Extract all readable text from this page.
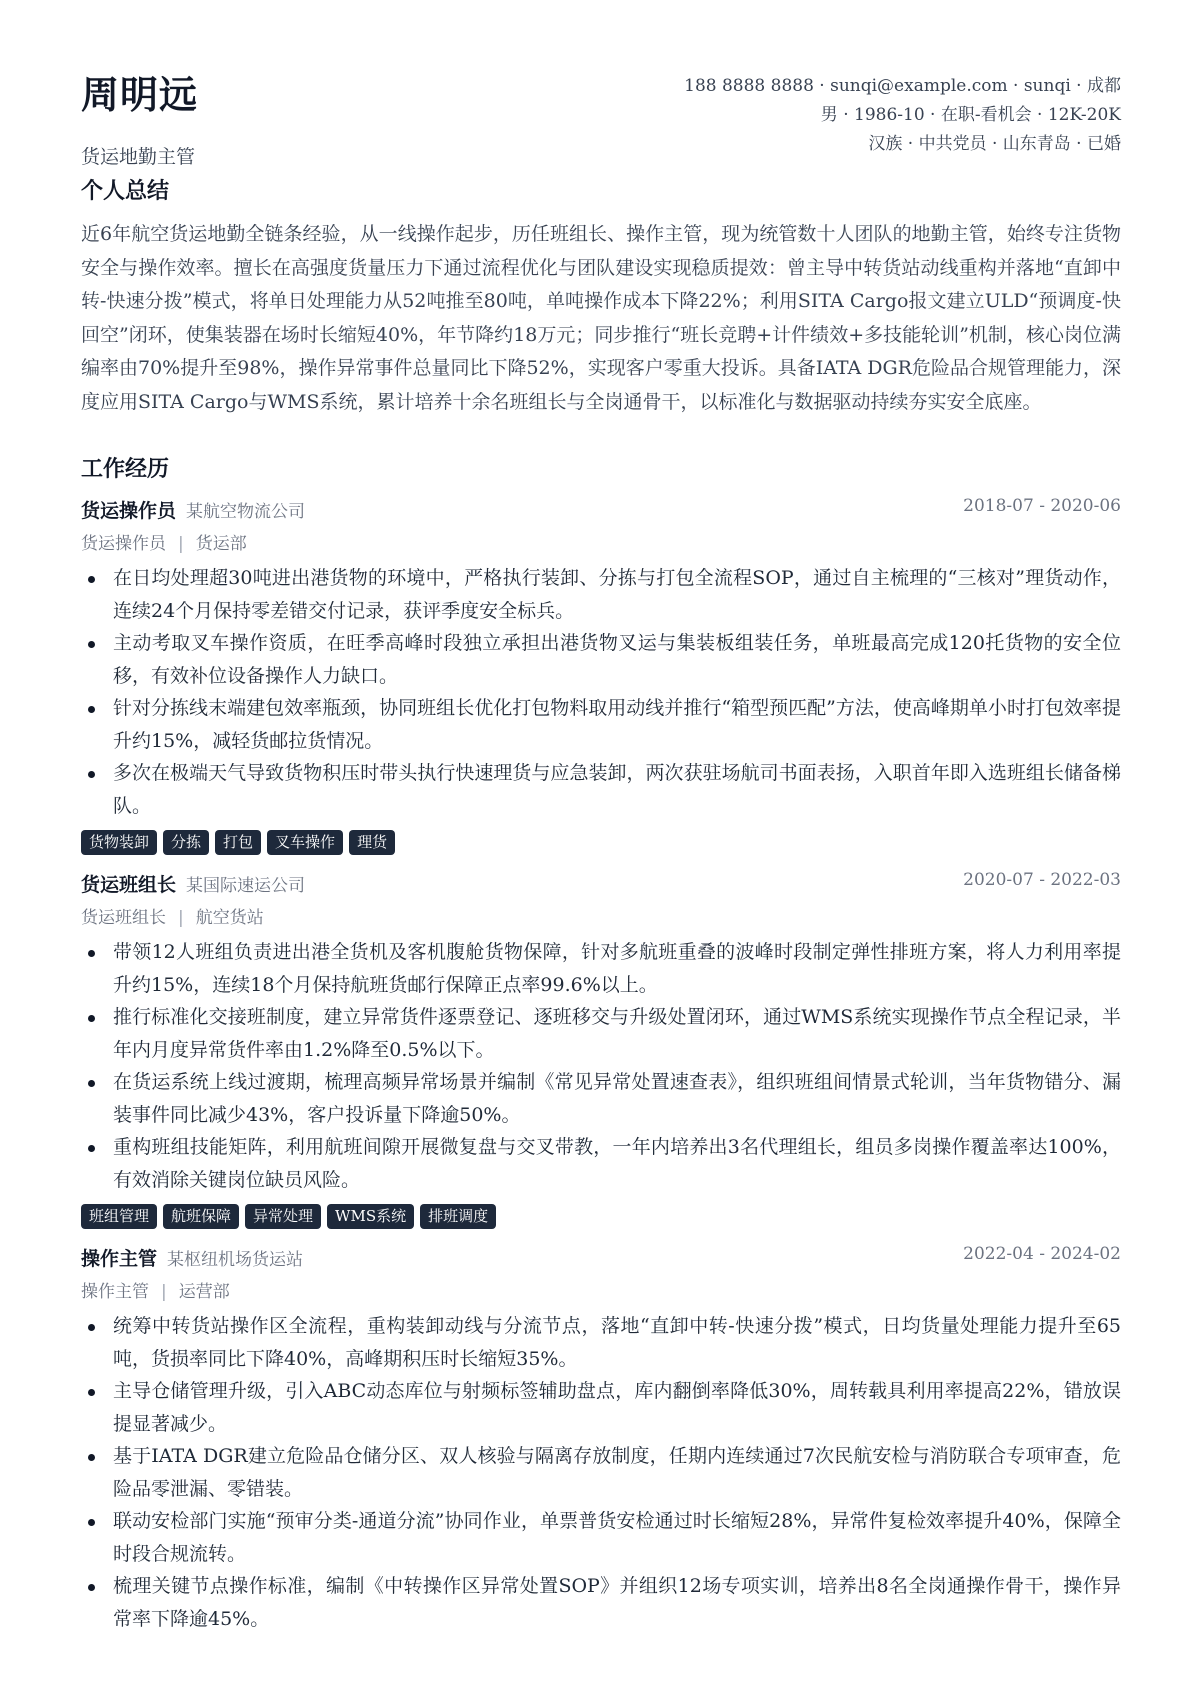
周明远
货运地勤主管
188 8888 8888 · sunqi@example.com · sunqi · 成都
男 · 1986-10 · 在职-看机会 · 12K-20K
汉族 · 中共党员 · 山东青岛 · 已婚
个人总结
近6年航空货运地勤全链条经验，从一线操作起步，历任班组长、操作主管，现为统管数十人团队的地勤主管，始终专注货物安全与操作效率。擅长在高强度货量压力下通过流程优化与团队建设实现稳质提效：曾主导中转货站动线重构并落地“直卸中转-快速分拨”模式，将单日处理能力从52吨推至80吨，单吨操作成本下降22%；利用SITA Cargo报文建立ULD“预调度-快回空”闭环，使集装器在场时长缩短40%，年节降约18万元；同步推行“班长竞聘+计件绩效+多技能轮训”机制，核心岗位满编率由70%提升至98%，操作异常事件总量同比下降52%，实现客户零重大投诉。具备IATA DGR危险品合规管理能力，深度应用SITA Cargo与WMS系统，累计培养十余名班组长与全岗通骨干，以标准化与数据驱动持续夯实安全底座。
工作经历
货运操作员 某航空物流公司	2018-07 - 2020-06
货运操作员 | 货运部
在日均处理超30吨进出港货物的环境中，严格执行装卸、分拣与打包全流程SOP，通过自主梳理的“三核对”理货动作，连续24个月保持零差错交付记录，获评季度安全标兵。
主动考取叉车操作资质，在旺季高峰时段独立承担出港货物叉运与集装板组装任务，单班最高完成120托货物的安全位移，有效补位设备操作人力缺口。
针对分拣线末端建包效率瓶颈，协同班组长优化打包物料取用动线并推行“箱型预匹配”方法，使高峰期单小时打包效率提升约15%，减轻货邮拉货情况。
多次在极端天气导致货物积压时带头执行快速理货与应急装卸，两次获驻场航司书面表扬，入职首年即入选班组长储备梯队。
货物装卸	分拣	打包	叉车操作	理货
货运班组长 某国际速运公司	2020-07 - 2022-03
货运班组长 | 航空货站
带领12人班组负责进出港全货机及客机腹舱货物保障，针对多航班重叠的波峰时段制定弹性排班方案，将人力利用率提升约15%，连续18个月保持航班货邮行保障正点率99.6%以上。
推行标准化交接班制度，建立异常货件逐票登记、逐班移交与升级处置闭环，通过WMS系统实现操作节点全程记录，半年内月度异常货件率由1.2%降至0.5%以下。
在货运系统上线过渡期，梳理高频异常场景并编制《常见异常处置速查表》，组织班组间情景式轮训，当年货物错分、漏装事件同比减少43%，客户投诉量下降逾50%。
重构班组技能矩阵，利用航班间隙开展微复盘与交叉带教，一年内培养出3名代理组长，组员多岗操作覆盖率达100%，有效消除关键岗位缺员风险。
班组管理	航班保障	异常处理	WMS系统	排班调度
操作主管 某枢纽机场货运站	2022-04 - 2024-02
操作主管 | 运营部
统筹中转货站操作区全流程，重构装卸动线与分流节点，落地“直卸中转-快速分拨”模式，日均货量处理能力提升至65吨，货损率同比下降40%，高峰期积压时长缩短35%。
主导仓储管理升级，引入ABC动态库位与射频标签辅助盘点，库内翻倒率降低30%，周转载具利用率提高22%，错放误提显著减少。
基于IATA DGR建立危险品仓储分区、双人核验与隔离存放制度，任期内连续通过7次民航安检与消防联合专项审查，危险品零泄漏、零错装。
联动安检部门实施“预审分类-通道分流”协同作业，单票普货安检通过时长缩短28%，异常件复检效率提升40%，保障全时段合规流转。
梳理关键节点操作标准，编制《中转操作区异常处置SOP》并组织12场专项实训，培养出8名全岗通操作骨干，操作异常率下降逾45%。
